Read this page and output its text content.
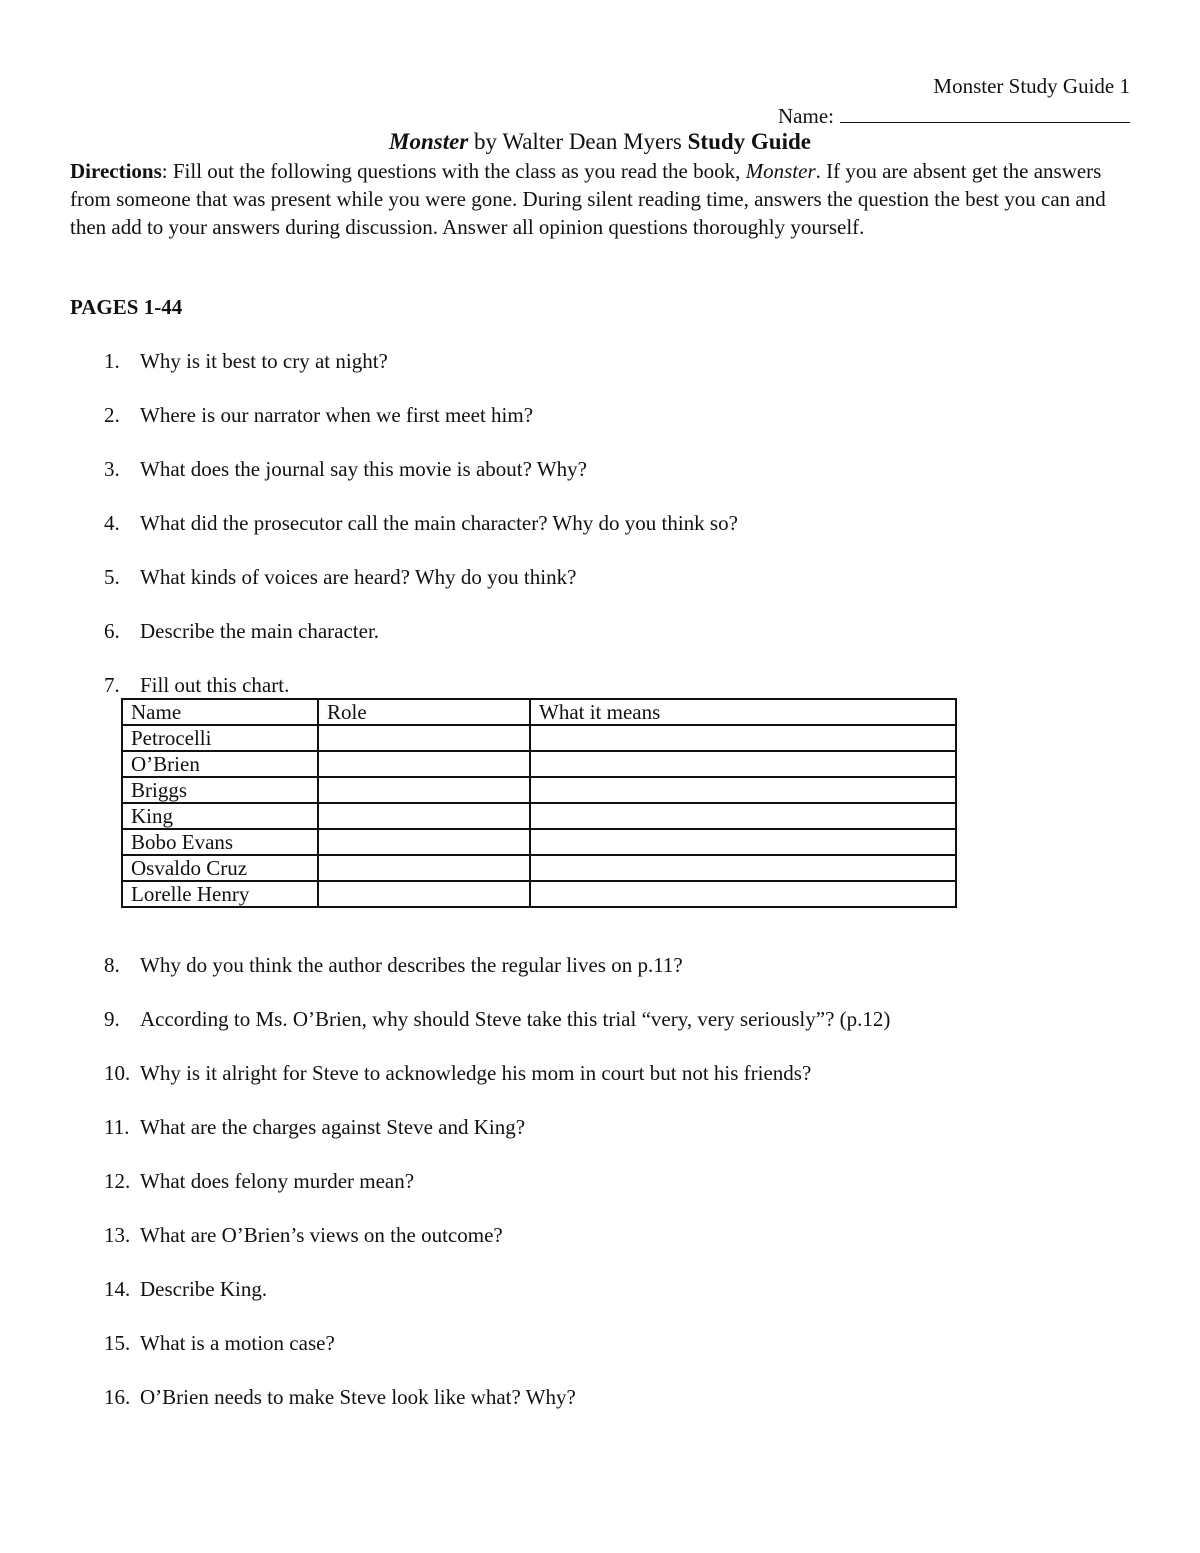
Monster Study Guide 1
Name:
Monster by Walter Dean Myers Study Guide
Directions: Fill out the following questions with the class as you read the book, Monster. If you are absent get the answers from someone that was present while you were gone. During silent reading time, answers the question the best you can and then add to your answers during discussion. Answer all opinion questions thoroughly yourself.
PAGES 1-44
1. Why is it best to cry at night?
2. Where is our narrator when we first meet him?
3. What does the journal say this movie is about? Why?
4. What did the prosecutor call the main character? Why do you think so?
5. What kinds of voices are heard? Why do you think?
6. Describe the main character.
7. Fill out this chart.
Name	Role	What it means
Petrocelli		
O’Brien		
Briggs		
King		
Bobo Evans		
Osvaldo Cruz		
Lorelle Henry		
8. Why do you think the author describes the regular lives on p.11?
9. According to Ms. O’Brien, why should Steve take this trial “very, very seriously”? (p.12)
10. Why is it alright for Steve to acknowledge his mom in court but not his friends?
11. What are the charges against Steve and King?
12. What does felony murder mean?
13. What are O’Brien’s views on the outcome?
14. Describe King.
15. What is a motion case?
16. O’Brien needs to make Steve look like what? Why?
